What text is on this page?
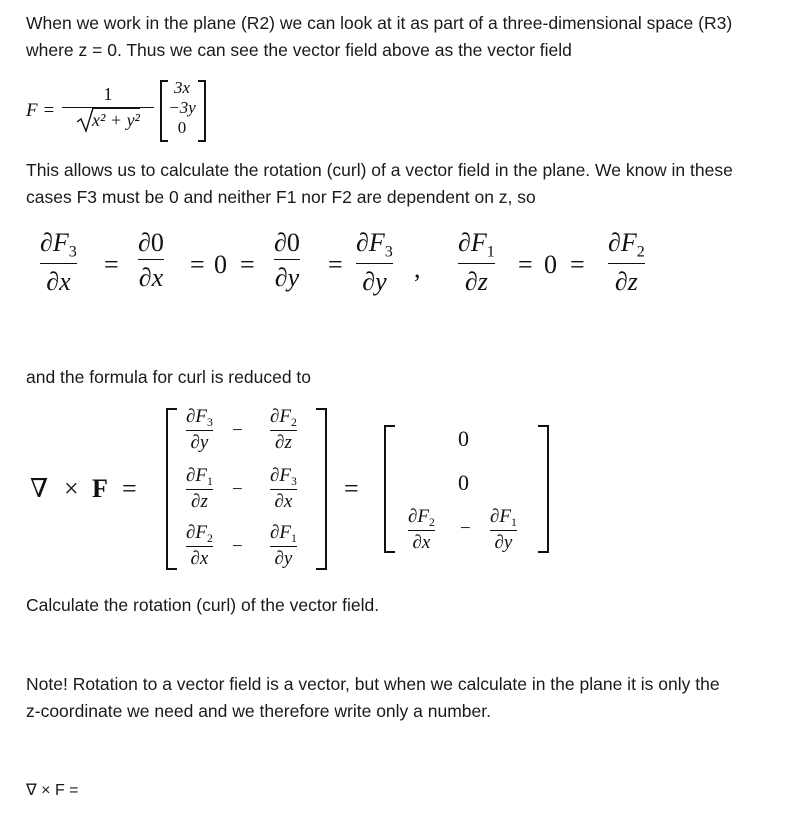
When we work in the plane (R2) we can look at it as part of a three-dimensional space (R3)
where z = 0. Thus we can see the vector field above as the vector field
F =
1
x² + y²
3x
−3y
0
This allows us to calculate the rotation (curl) of a vector field in the plane. We know in these
cases F3 must be 0 and neither F1 nor F2 are dependent on z, so
$\partial F_3$
∂x
=
∂0
∂x = 0 =
∂0
∂y =
$\partial F_3$
∂y ,
$\partial F_1$
∂z
= 0 =
$\partial F_2$
∂z
and the formula for curl is reduced to
∇ × F =
$\partial F_3$
∂y
−
$\partial F_2$
∂z
$\partial F_1$
∂z
−
$\partial F_3$
∂x
$\partial F_2$
∂x
−
$\partial F_1$
∂y
=
0
0
$\partial F_2$
∂x
−
$\partial F_1$
∂y
Calculate the rotation (curl) of the vector field.
Note! Rotation to a vector field is a vector, but when we calculate in the plane it is only the
z-coordinate we need and we therefore write only a number.
∇ × F =
